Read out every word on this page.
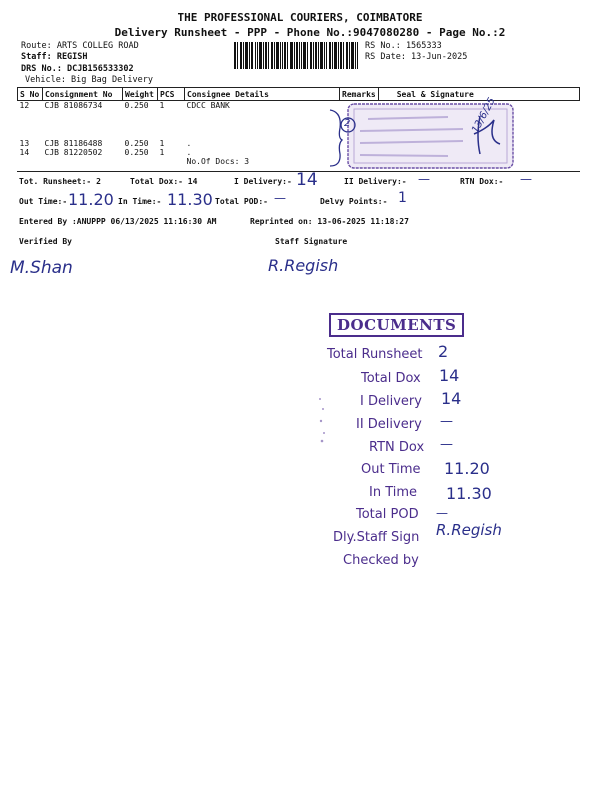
THE PROFESSIONAL COURIERS, COIMBATORE
Delivery Runsheet - PPP - Phone No.:9047080280 - Page No.:2
Route: ARTS COLLEG ROAD
Staff: REGISH
DRS No.: DCJB156533302
Vehicle: Big Bag Delivery
RS No.: 1565333
RS Date: 13-Jun-2025
S No	Consignment No	Weight	PCS	Consignee Details	Remarks	Seal & Signature
12	CJB 81086734	0.250	1	CDCC BANK		
13	CJB 81186488	0.250	1	.		
14	CJB 81220502	0.250	1	.		
				No.Of Docs: 3		
2	13/6/25
Tot. Runsheet:- 2	Total Dox:- 14	I Delivery:- 14	II Delivery:- —	RTN Dox:- —
Out Time:- 11.20 In Time:- 11.30 Total POD:- —	Delvy Points:- 1
Entered By :ANUPPP 06/13/2025 11:16:30 AM	Reprinted on: 13-06-2025 11:18:27
Verified By	Staff Signature
M.Shan	R.Regish
DOCUMENTS
Total Runsheet 2
Total Dox 14
I Delivery 14
II Delivery —
RTN Dox —
Out Time 11.20
In Time 11.30
Total POD —
Dly.Staff Sign R.Regish
Checked by
